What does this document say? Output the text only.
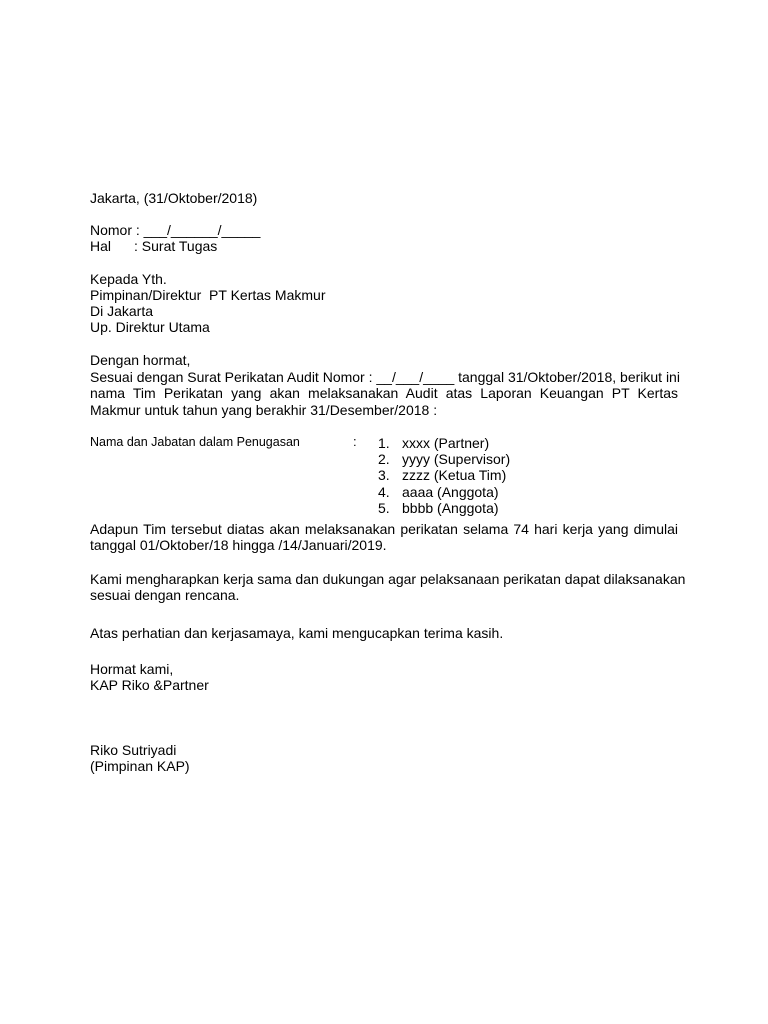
Jakarta, (31/Oktober/2018)
Nomor : ___/______/_____
Hal : Surat Tugas
Kepada Yth.
Pimpinan/Direktur  PT Kertas Makmur
Di Jakarta
Up. Direktur Utama
Dengan hormat,
Sesuai dengan Surat Perikatan Audit Nomor : __/___/____ tanggal 31/Oktober/2018, berikut ini
nama Tim Perikatan yang akan melaksanakan Audit atas Laporan Keuangan PT Kertas
Makmur untuk tahun yang berakhir 31/Desember/2018 :
Nama dan Jabatan dalam Penugasan	: 1. xxxx (Partner)
2. yyyy (Supervisor)
3. zzzz (Ketua Tim)
4. aaaa (Anggota)
5. bbbb (Anggota)
Adapun Tim tersebut diatas akan melaksanakan perikatan selama 74 hari kerja yang dimulai
tanggal 01/Oktober/18 hingga /14/Januari/2019.
Kami mengharapkan kerja sama dan dukungan agar pelaksanaan perikatan dapat dilaksanakan
sesuai dengan rencana.
Atas perhatian dan kerjasamaya, kami mengucapkan terima kasih.
Hormat kami,
KAP Riko &Partner
Riko Sutriyadi
(Pimpinan KAP)
